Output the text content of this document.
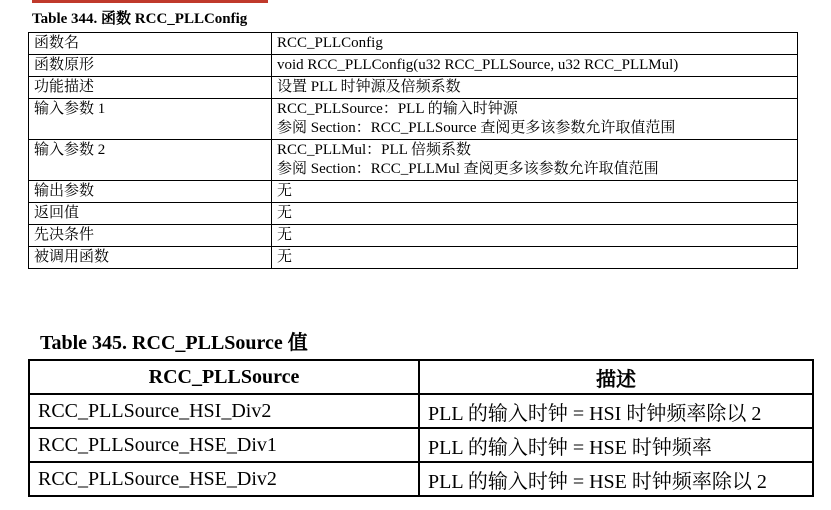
Table 344. 函数 RCC_PLLConfig
函数名	RCC_PLLConfig

函数原形	void RCC_PLLConfig(u32 RCC_PLLSource, u32 RCC_PLLMul)

功能描述	设置 PLL 时钟源及倍频系数

输入参数 1	RCC_PLLSource：PLL 的输入时钟源
参阅 Section：RCC_PLLSource 查阅更多该参数允许取值范围

输入参数 2	RCC_PLLMul：PLL 倍频系数
参阅 Section：RCC_PLLMul 查阅更多该参数允许取值范围

输出参数	无

返回值	无

先决条件	无

被调用函数	无
Table 345. RCC_PLLSource 值
RCC_PLLSource	描述
RCC_PLLSource_HSI_Div2	PLL 的输入时钟 = HSI 时钟频率除以 2
RCC_PLLSource_HSE_Div1	PLL 的输入时钟 = HSE 时钟频率
RCC_PLLSource_HSE_Div2	PLL 的输入时钟 = HSE 时钟频率除以 2
